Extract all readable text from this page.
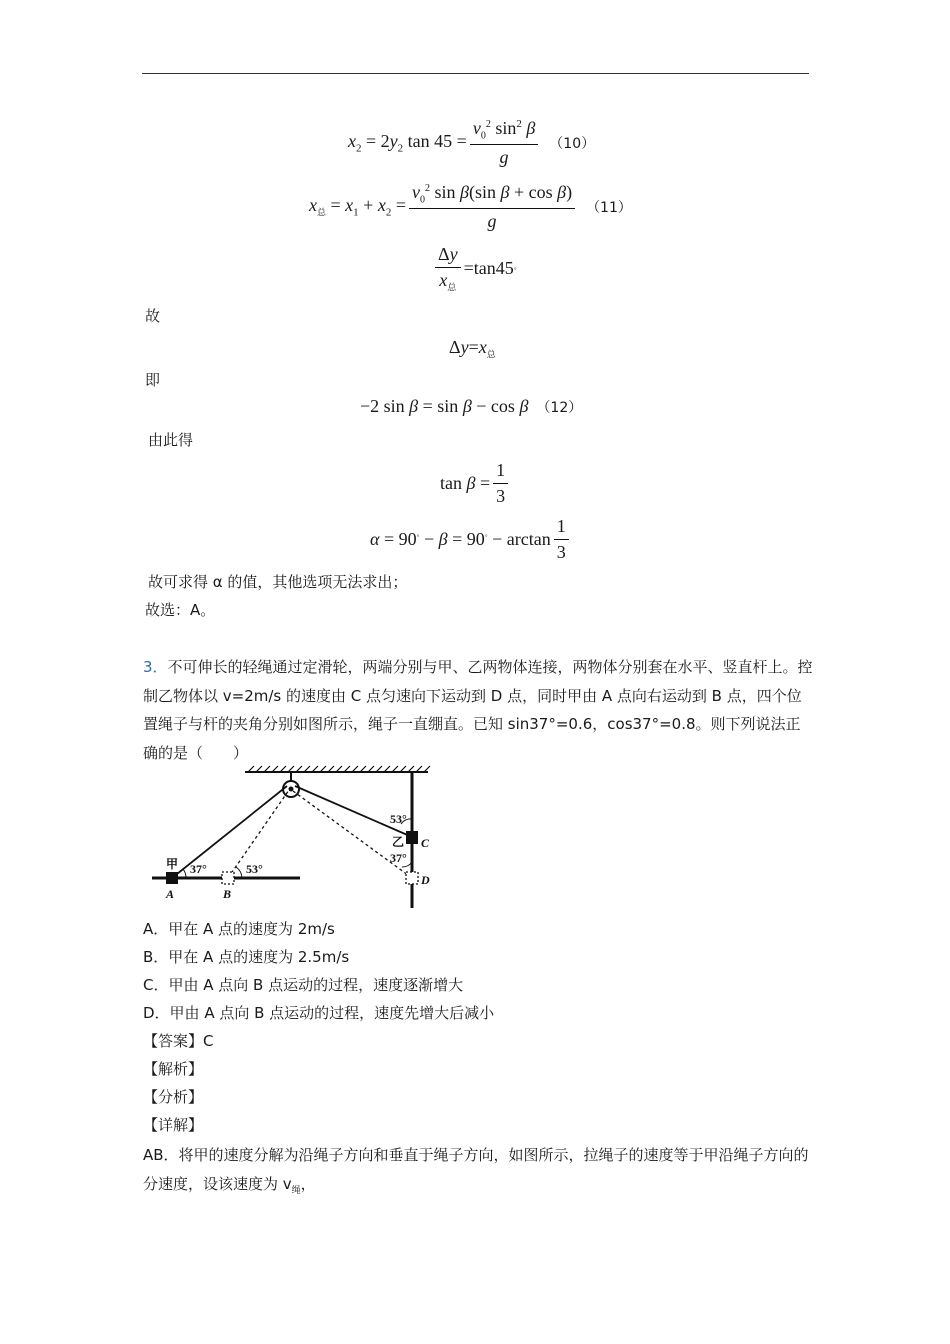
$x_2 = 2y_2$ $\tan 45 = \frac{v_0^2 \sin^2 \beta}{g} (10)$
$x_总 = x_1 + x_2 = \frac{v_0^2 \sin \beta(\sin \beta + \cos \beta)}{g} (11)$
$\frac{\Delta y}{x_总} =\tan 45$ ◦
故
$\Delta y=x_总$
即
−2 sin β = sin β − cos β （12）
由此得
$\tan \beta = \frac{1}{3}$
$\alpha = 90^◦ - \beta = 90^◦ - \arctan \frac{1}{3}$
故可求得 α 的值，其他选项无法求出；
故选：A。
3．不可伸长的轻绳通过定滑轮，两端分别与甲、乙两物体连接，两物体分别套在水平、竖直杆上。控制乙物体以 v=2m/s 的速度由 C 点匀速向下运动到 D 点，同时甲由 A 点向右运动到 B 点，四个位置绳子与杆的夹角分别如图所示，绳子一直绷直。已知 sin37°=0.6，cos37°=0.8。则下列说法正确的是（　　）
甲 37°	53°
A	B
53°
乙 C
37°
D
A．甲在 A 点的速度为 2m/s
B．甲在 A 点的速度为 2.5m/s
C．甲由 A 点向 B 点运动的过程，速度逐渐增大
D．甲由 A 点向 B 点运动的过程，速度先增大后减小
【答案】C
【解析】
【分析】
【详解】
AB．将甲的速度分解为沿绳子方向和垂直于绳子方向，如图所示，拉绳子的速度等于甲沿绳子方向的分速度，设该速度为 $v_绳$，
